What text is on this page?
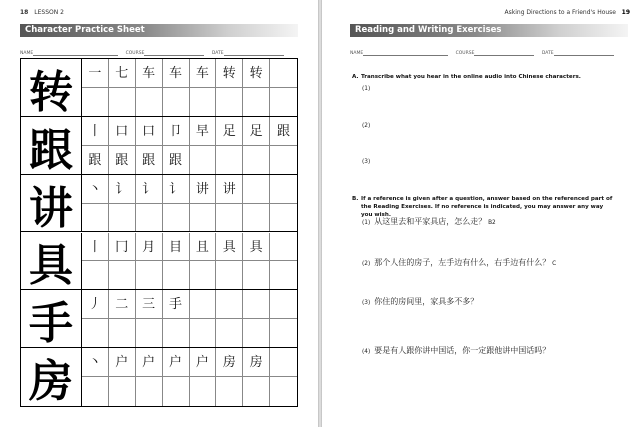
18 LESSON 2
Character Practice Sheet
NAME	COURSE	DATE
转	一	七	车	车	车	转	转
跟	丨	口	口	卩	早	足	足	跟
跟	跟	跟	跟
讲	丶	讠	讠	讠	讲	讲
具	丨	冂	月	目	且	具	具
手	丿	二	三	手
房	丶	户	户	户	户	房	房
Asking Directions to a Friend's House 19
Reading and Writing Exercises
NAME	COURSE	DATE
A. Transcribe what you hear in the online audio into Chinese characters.
(1)
(2)
(3)
B. If a reference is given after a question, answer based on the referenced part of the Reading Exercises. If no reference is indicated, you may answer any way you wish.
(1) 从这里去和平家具店，怎么走？ B2
(2) 那个人住的房子，左手边有什么，右手边有什么？ C
(3) 你住的房间里，家具多不多？
(4) 要是有人跟你讲中国话，你一定跟他讲中国话吗？
